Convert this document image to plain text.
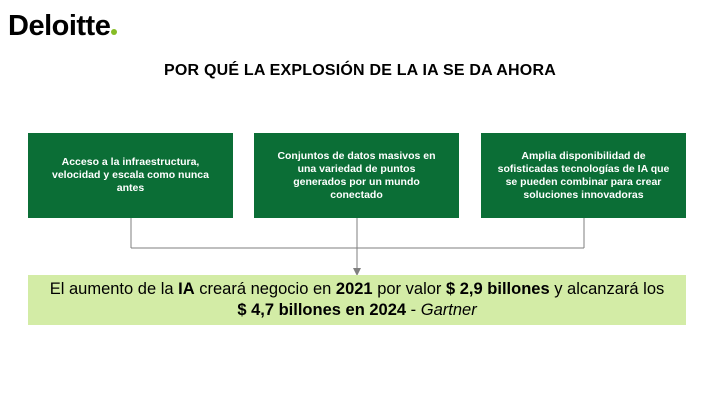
Deloitte
POR QUÉ LA EXPLOSIÓN DE LA IA SE DA AHORA
Acceso a la infraestructura, velocidad y escala como nunca antes
Conjuntos de datos masivos en una variedad de puntos generados por un mundo conectado
Amplia disponibilidad de sofisticadas tecnologías de IA que se pueden combinar para crear soluciones innovadoras
El aumento de la IA creará negocio en 2021 por valor $ 2,9 billones y alcanzará los $ 4,7 billones en 2024 - Gartner
